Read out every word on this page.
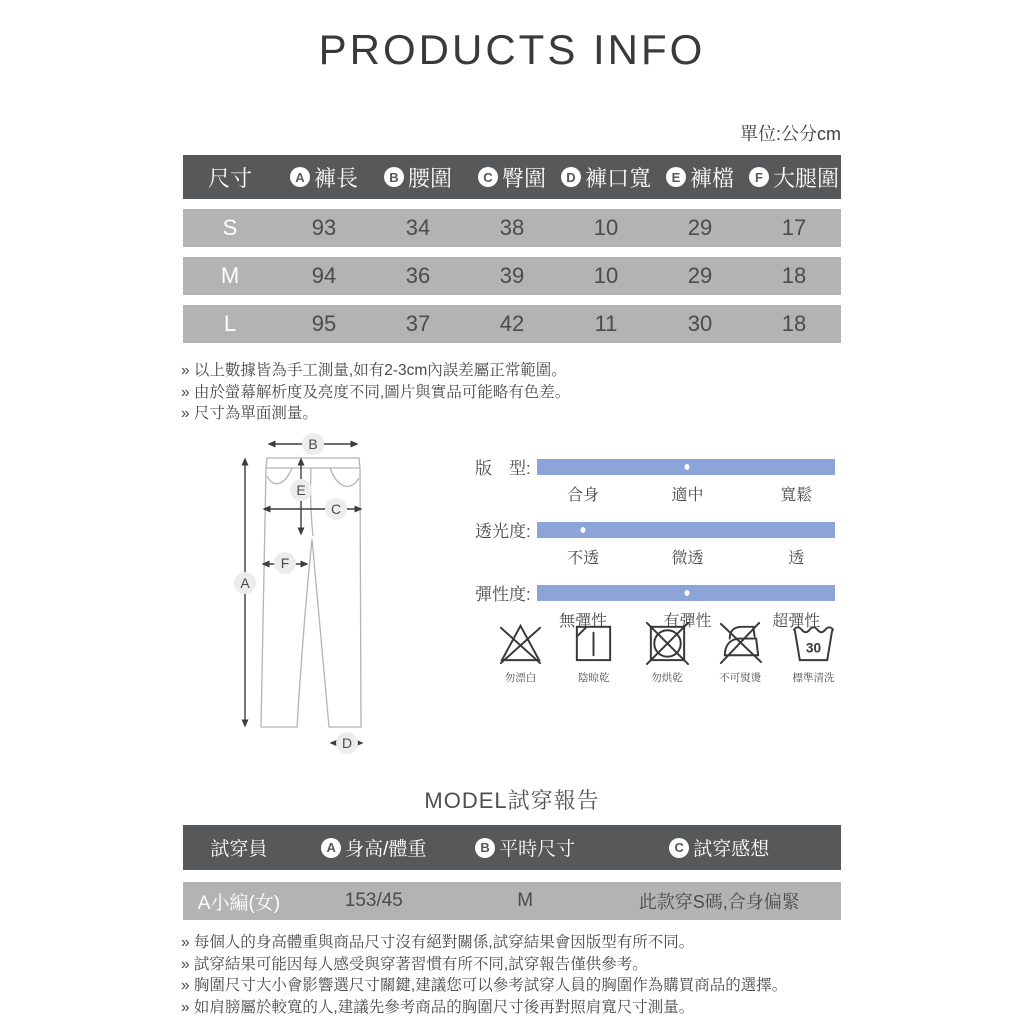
PRODUCTS INFO
單位:公分cm
尺寸	A 褲長	B 腰圍	C 臀圍	D 褲口寬	E 褲檔	F 大腿圍
S	93	34	38	10	29	17
M	94	36	39	10	29	18
L	95	37	42	11	30	18
» 以上數據皆為手工測量,如有2-3cm內誤差屬正常範圍。
» 由於螢幕解析度及亮度不同,圖片與實品可能略有色差。
» 尺寸為單面測量。
B
A
E
C
F
D
版　型:
合身	適中	寬鬆
透光度:
不透	微透	透
彈性度:
無彈性	有彈性	超彈性
勿漂白	陰晾乾	勿烘乾	不可熨燙
30
標準清洗
MODEL試穿報告
試穿員	A 身高/體重	B 平時尺寸	C 試穿感想
A小編(女)	153/45	M	此款穿S碼,合身偏緊
» 每個人的身高體重與商品尺寸沒有絕對關係,試穿結果會因版型有所不同。
» 試穿結果可能因每人感受與穿著習慣有所不同,試穿報告僅供參考。
» 胸圍尺寸大小會影響選尺寸關鍵,建議您可以參考試穿人員的胸圍作為購買商品的選擇。
» 如肩膀屬於較寬的人,建議先參考商品的胸圍尺寸後再對照肩寬尺寸測量。
